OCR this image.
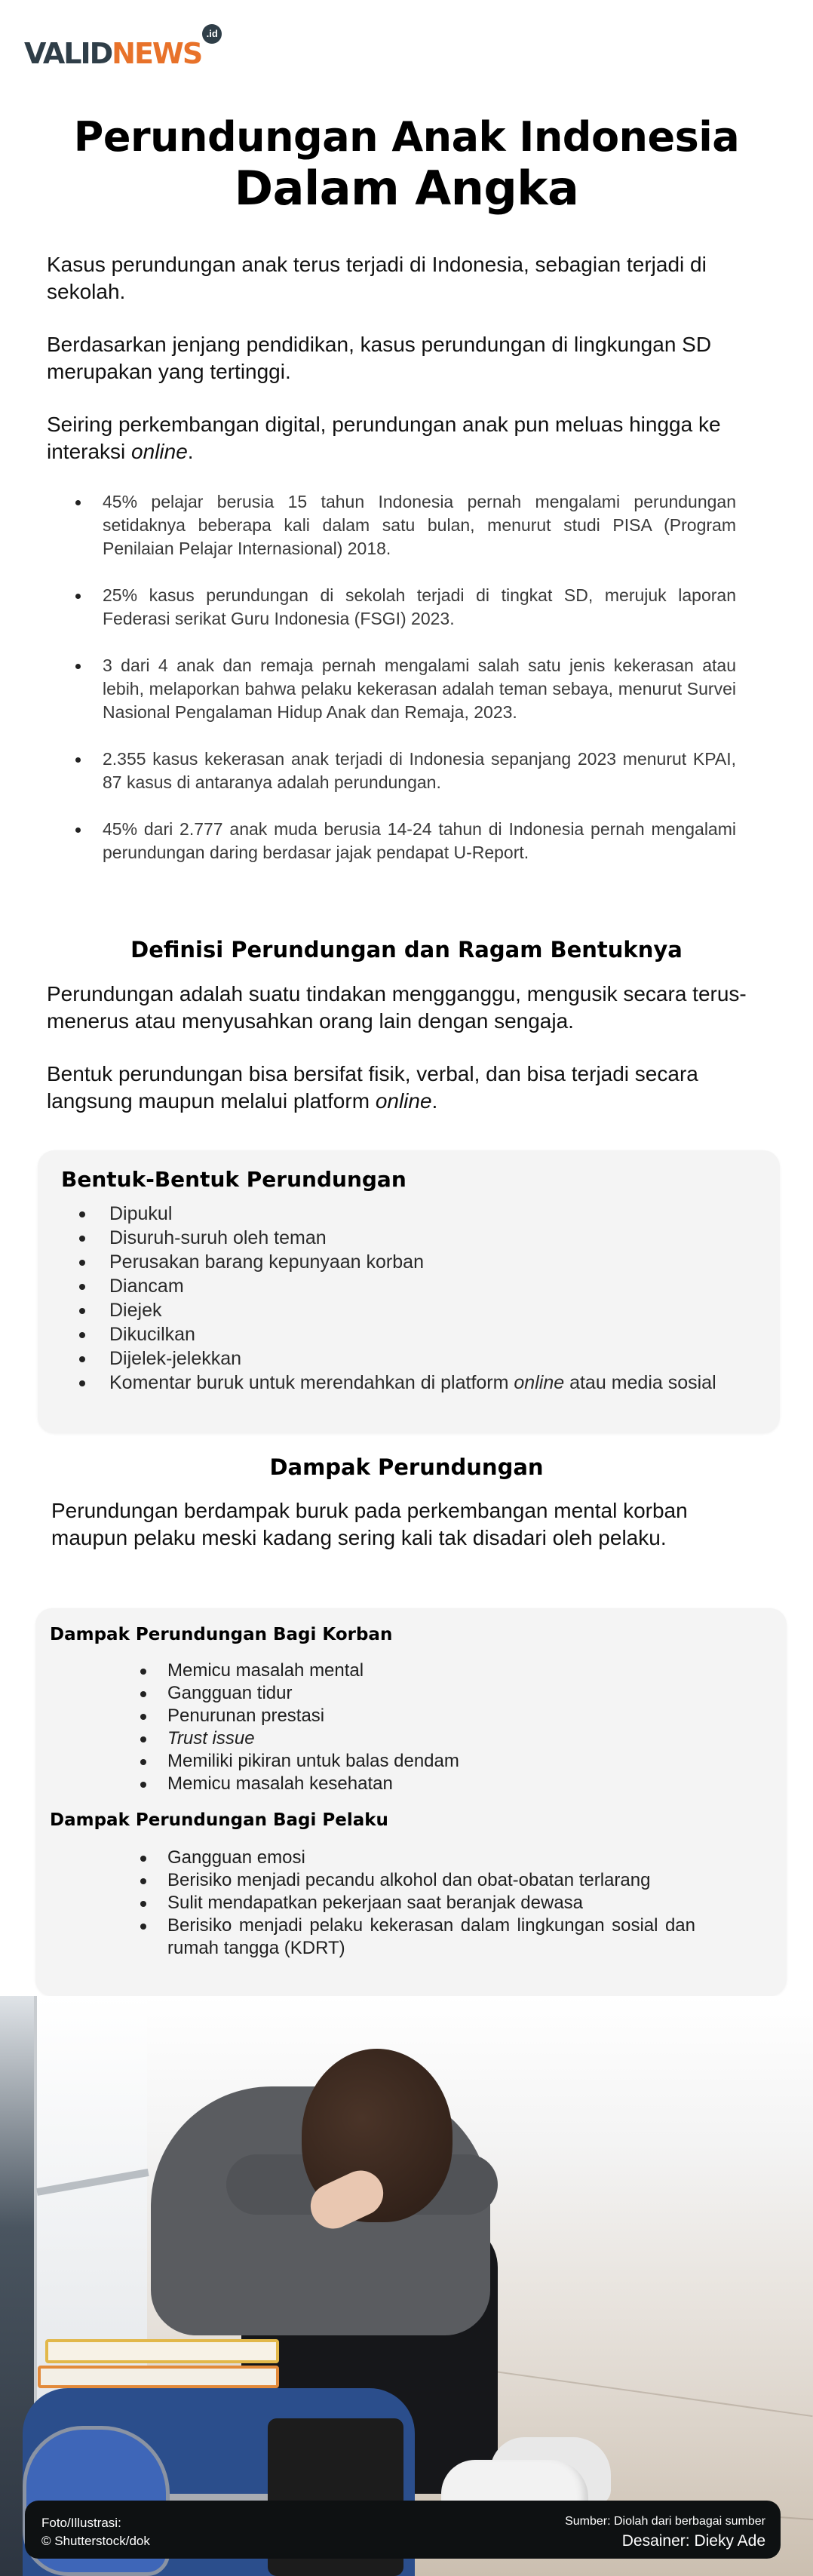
VALID NEWS
.id
Perundungan Anak Indonesia
Dalam Angka

Kasus perundungan anak terus terjadi di Indonesia, sebagian terjadi di sekolah.

Berdasarkan jenjang pendidikan, kasus perundungan di lingkungan SD merupakan yang tertinggi.

Seiring perkembangan digital, perundungan anak pun meluas hingga ke interaksi online.

45% pelajar berusia 15 tahun Indonesia pernah mengalami perundungan setidaknya beberapa kali dalam satu bulan, menurut studi PISA (Program Penilaian Pelajar Internasional) 2018.
25% kasus perundungan di sekolah terjadi di tingkat SD, merujuk laporan Federasi serikat Guru Indonesia (FSGI) 2023.
3 dari 4 anak dan remaja pernah mengalami salah satu jenis kekerasan atau lebih, melaporkan bahwa pelaku kekerasan adalah teman sebaya, menurut Survei Nasional Pengalaman Hidup Anak dan Remaja, 2023.
2.355 kasus kekerasan anak terjadi di Indonesia sepanjang 2023 menurut KPAI, 87 kasus di antaranya adalah perundungan.
45% dari 2.777 anak muda berusia 14-24 tahun di Indonesia pernah mengalami perundungan daring berdasar jajak pendapat U-Report.
Definisi Perundungan dan Ragam Bentuknya

Perundungan adalah suatu tindakan mengganggu, mengusik secara terus-menerus atau menyusahkan orang lain dengan sengaja.

Bentuk perundungan bisa bersifat fisik, verbal, dan bisa terjadi secara langsung maupun melalui platform online.

Bentuk-Bentuk Perundungan
Dipukul
Disuruh-suruh oleh teman
Perusakan barang kepunyaan korban
Diancam
Diejek
Dikucilkan
Dijelek-jelekkan
Komentar buruk untuk merendahkan di platform online atau media sosial
Dampak Perundungan

Perundungan berdampak buruk pada perkembangan mental korban maupun pelaku meski kadang sering kali tak disadari oleh pelaku.

Dampak Perundungan Bagi Korban
Memicu masalah mental
Gangguan tidur
Penurunan prestasi
Trust issue
Memiliki pikiran untuk balas dendam
Memicu masalah kesehatan
Dampak Perundungan Bagi Pelaku
Gangguan emosi
Berisiko menjadi pecandu alkohol dan obat-obatan terlarang
Sulit mendapatkan pekerjaan saat beranjak dewasa
Berisiko menjadi pelaku kekerasan dalam lingkungan sosial dan rumah tangga (KDRT)
Foto/Illustrasi:
© Shutterstock/dok
Sumber: Diolah dari berbagai sumber
Desainer: Dieky Ade
